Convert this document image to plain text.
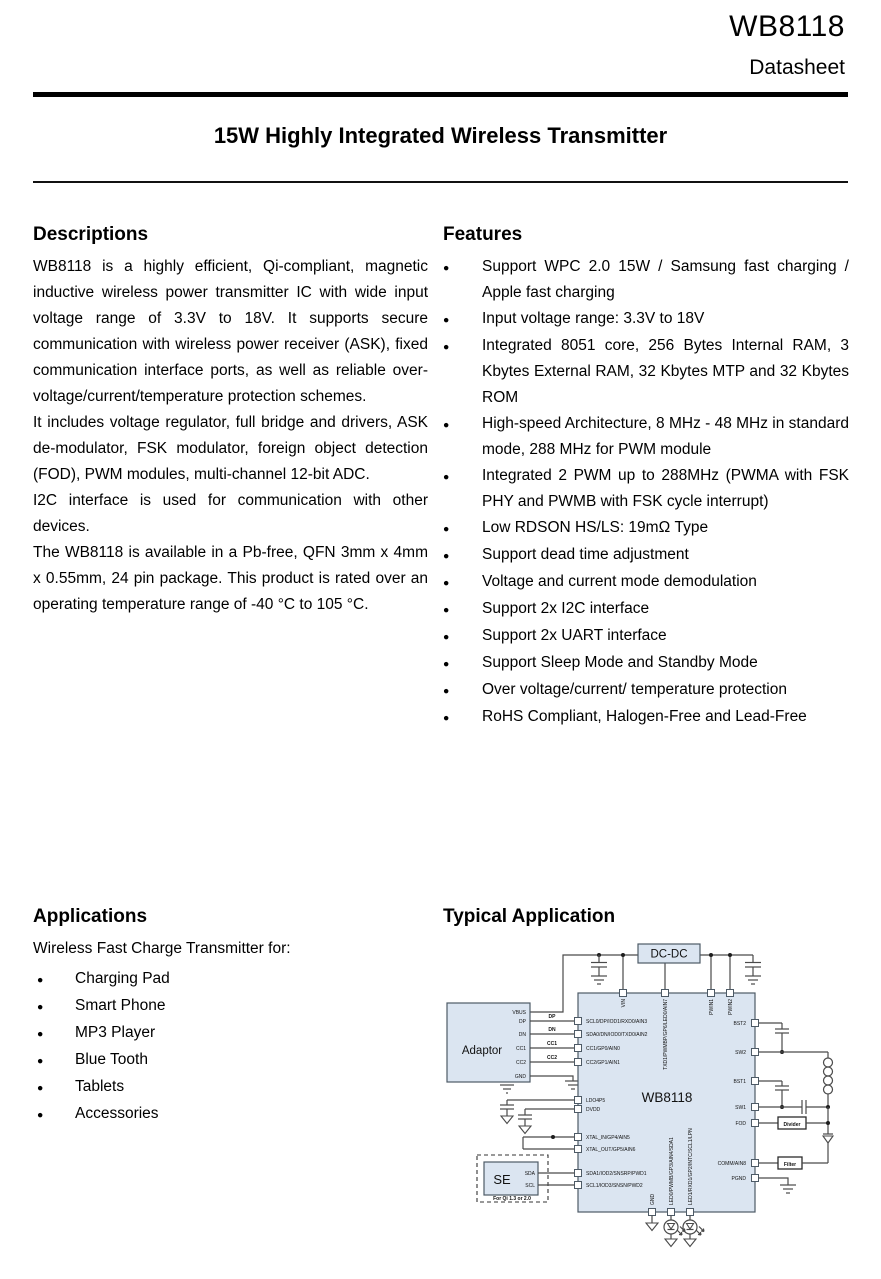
WB8118
Datasheet
15W Highly Integrated Wireless Transmitter
Descriptions

WB8118 is a highly efficient, Qi-compliant, magnetic inductive wireless power transmitter IC with wide input voltage range of 3.3V to 18V. It supports secure communication with wireless power receiver (ASK), fixed communication interface ports, as well as reliable over-voltage/current/temperature protection schemes.

It includes voltage regulator, full bridge and drivers, ASK de-modulator, FSK modulator, foreign object detection (FOD), PWM modules, multi-channel 12-bit ADC.

I2C interface is used for communication with other devices.

The WB8118 is available in a Pb-free, QFN 3mm x 4mm x 0.55mm, 24 pin package. This product is rated over an operating temperature range of -40 °C to 105 °C.

Features
●
Support WPC 2.0 15W / Samsung fast charging / Apple fast charging
●
Input voltage range: 3.3V to 18V
●
Integrated 8051 core, 256 Bytes Internal RAM, 3 Kbytes External RAM, 32 Kbytes MTP and 32 Kbytes ROM
●
High-speed Architecture, 8 MHz - 48 MHz in standard mode, 288 MHz for PWM module
●
Integrated 2 PWM up to 288MHz (PWMA with FSK PHY and PWMB with FSK cycle interrupt)
●
Low RDSON HS/LS: 19mΩ Type
●
Support dead time adjustment
●
Voltage and current mode demodulation
●
Support 2x I2C interface
●
Support 2x UART interface
●
Support Sleep Mode and Standby Mode
●
Over voltage/current/ temperature protection
●
RoHS Compliant, Halogen-Free and Lead-Free
Applications
Wireless Fast Charge Transmitter for:
●
Charging Pad
●
Smart Phone
●
MP3 Player
●
Blue Tooth
●
Tablets
●
Accessories
Typical Application
DC-DC
Adaptor
VBUS
DP
DN
CC1
CC2
GND
DP
DN
CC1
CC2
WB8118
VIN	TXD1/PWMBP/GP6/LED0/AIN7	PWIN1	PWIN2
SCL0/DP/IOD1/RXD0/AIN3
SDA0/DN/IOD0/TXD0/AIN2
CC1/GP0/AIN0
CC2/GP1/AIN1
LDO4P5
DVDD
XTAL_IN/GP4/AIN5
XTAL_OUT/GP5/AIN6
SDA1/IOD2/SNSRP/PWD1
SCL1/IOD3/SNSN/PWD2
BST2
SW2
BST1
SW1
FOD
COMM/AIN8
PGND
GND	LED0/PWMB/GP3/AIN4/SDA1	LED1/RXD1/GP2/INTC/SCL1/LPN
SE	SDA
SCL
For Qi 1.3 or 2.0
Divider
Filter
